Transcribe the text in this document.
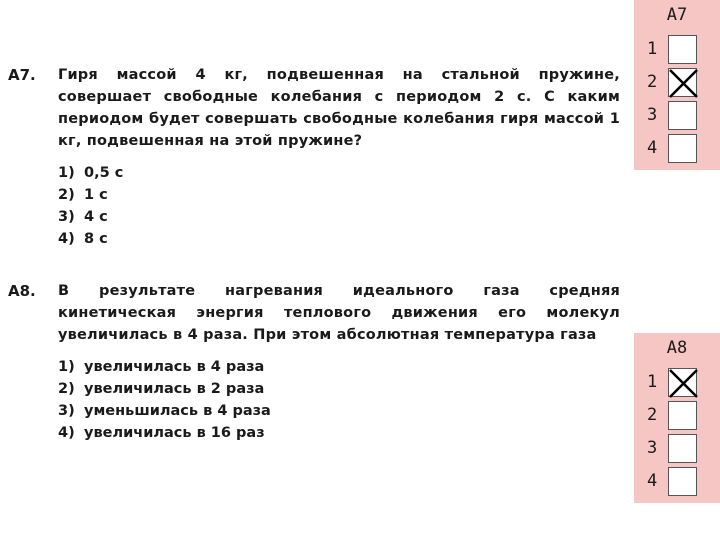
A7. Гиря массой 4 кг, подвешенная на стальной пружине, совершает свободные колебания с периодом 2 с. С каким периодом будет совершать свободные колебания гиря массой 1 кг, подвешенная на этой пружине?
1) 0,5 с
2) 1 с
3) 4 с
4) 8 с
A8. В результате нагревания идеального газа средняя кинетическая энергия теплового движения его молекул увеличилась в 4 раза. При этом абсолютная температура газа
1) увеличилась в 4 раза
2) увеличилась в 2 раза
3) уменьшилась в 4 раза
4) увеличилась в 16 раз
A7
1
2
3
4
A8
1
2
3
4
